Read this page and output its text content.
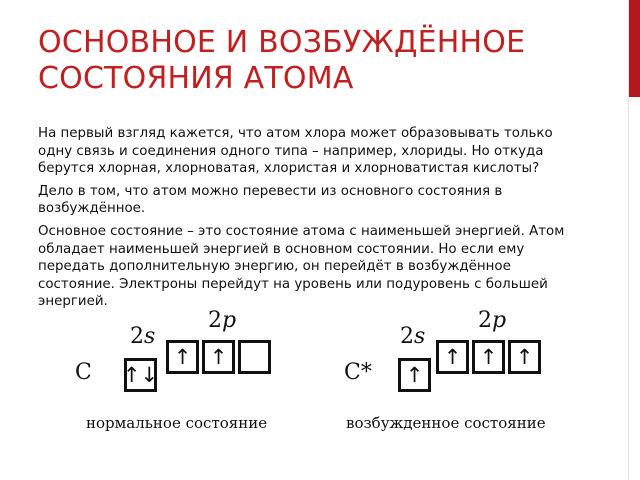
ОСНОВНОЕ И ВОЗБУЖДЁННОЕ СОСТОЯНИЯ АТОМА

На первый взгляд кажется, что атом хлора может образовывать только одну связь и соединения одного типа – например, хлориды. Но откуда берутся хлорная, хлорноватая, хлористая и хлорноватистая кислоты?

Дело в том, что атом можно перевести из основного состояния в возбуждённое.

Основное состояние – это состояние атома с наименьшей энергией. Атом обладает наименьшей энергией в основном состоянии. Но если ему передать дополнительную энергию, он перейдёт в возбуждённое состояние. Электроны перейдут на уровень или подуровень с большей энергией.

2s
2p
C ↑↓
↑ ↑
нормальное состояние
2s
2p
C*	↑
↑ ↑ ↑
возбужденное состояние
